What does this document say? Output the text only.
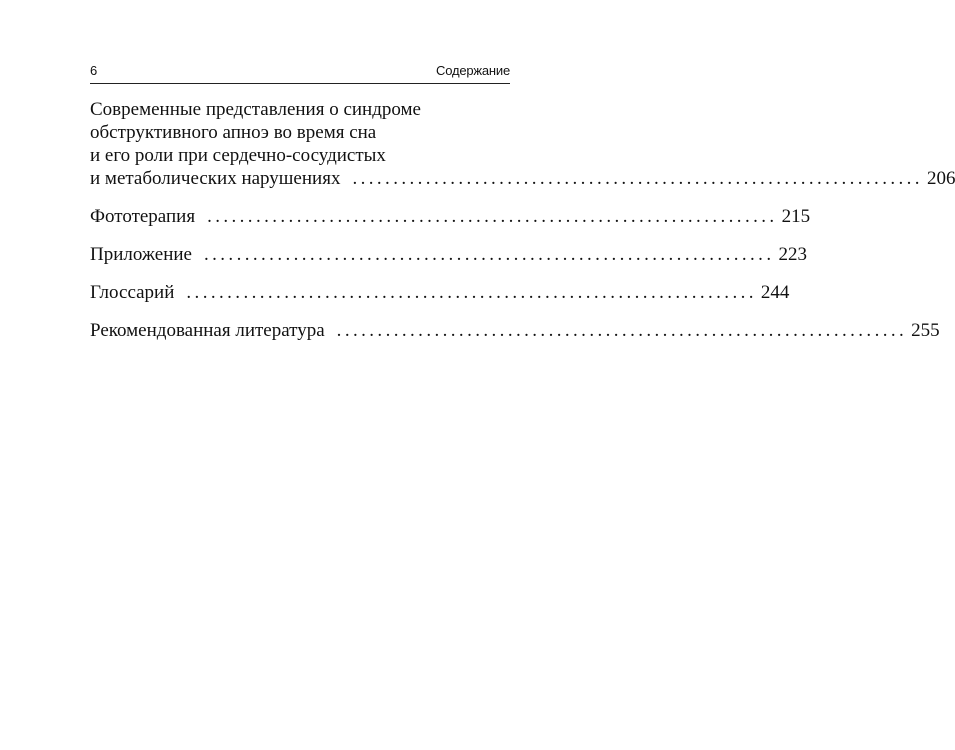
6	Содержание
Современные представления о синдроме
обструктивного апноэ во время сна
и его роли при сердечно-сосудистых
и метаболических нарушениях ...................................................................... 206
Фототерапия ...................................................................... 215
Приложение ...................................................................... 223
Глоссарий ...................................................................... 244
Рекомендованная литература ...................................................................... 255
